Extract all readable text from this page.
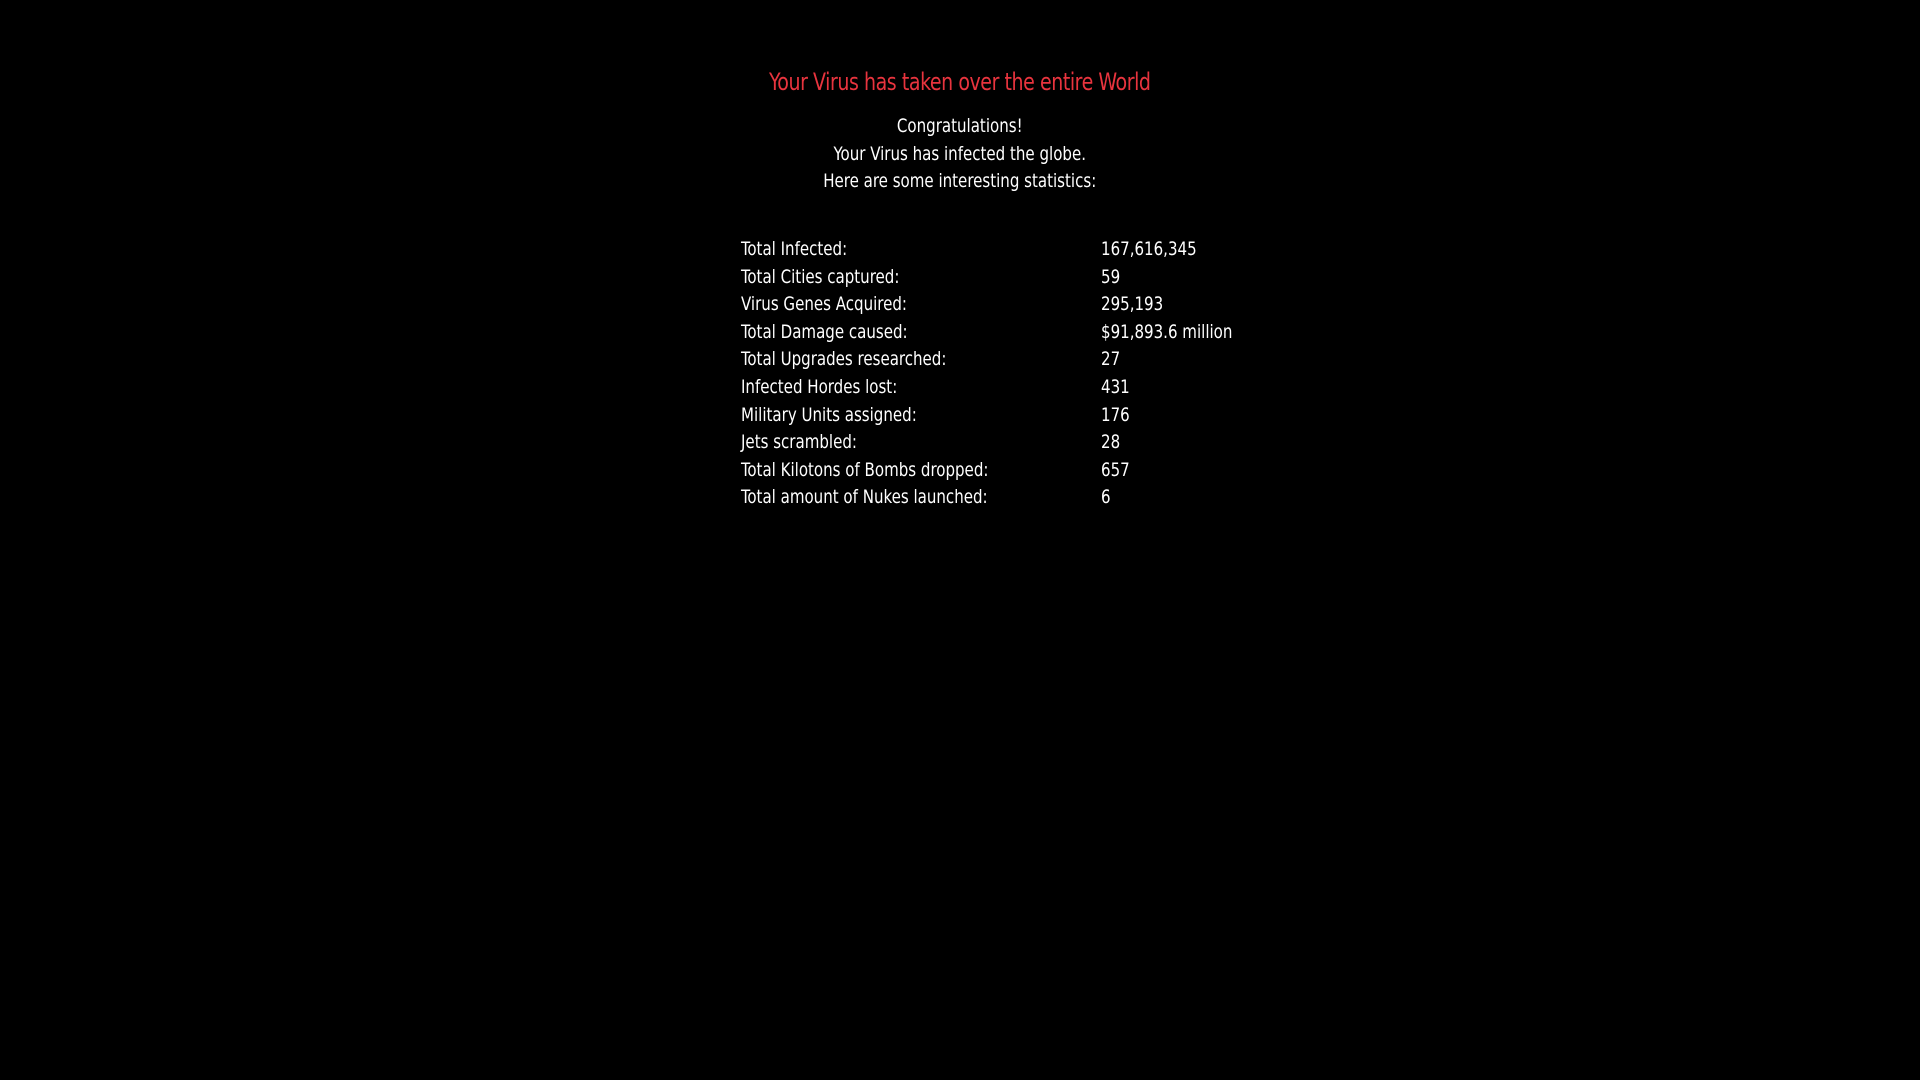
Your Virus has taken over the entire World
Congratulations!
Your Virus has infected the globe.
Here are some interesting statistics:
Total Infected:	167,616,345
Total Cities captured:	59
Virus Genes Acquired:	295,193
Total Damage caused:	$91,893.6 million
Total Upgrades researched:	27
Infected Hordes lost:	431
Military Units assigned:	176
Jets scrambled:	28
Total Kilotons of Bombs dropped:	657
Total amount of Nukes launched:	6
